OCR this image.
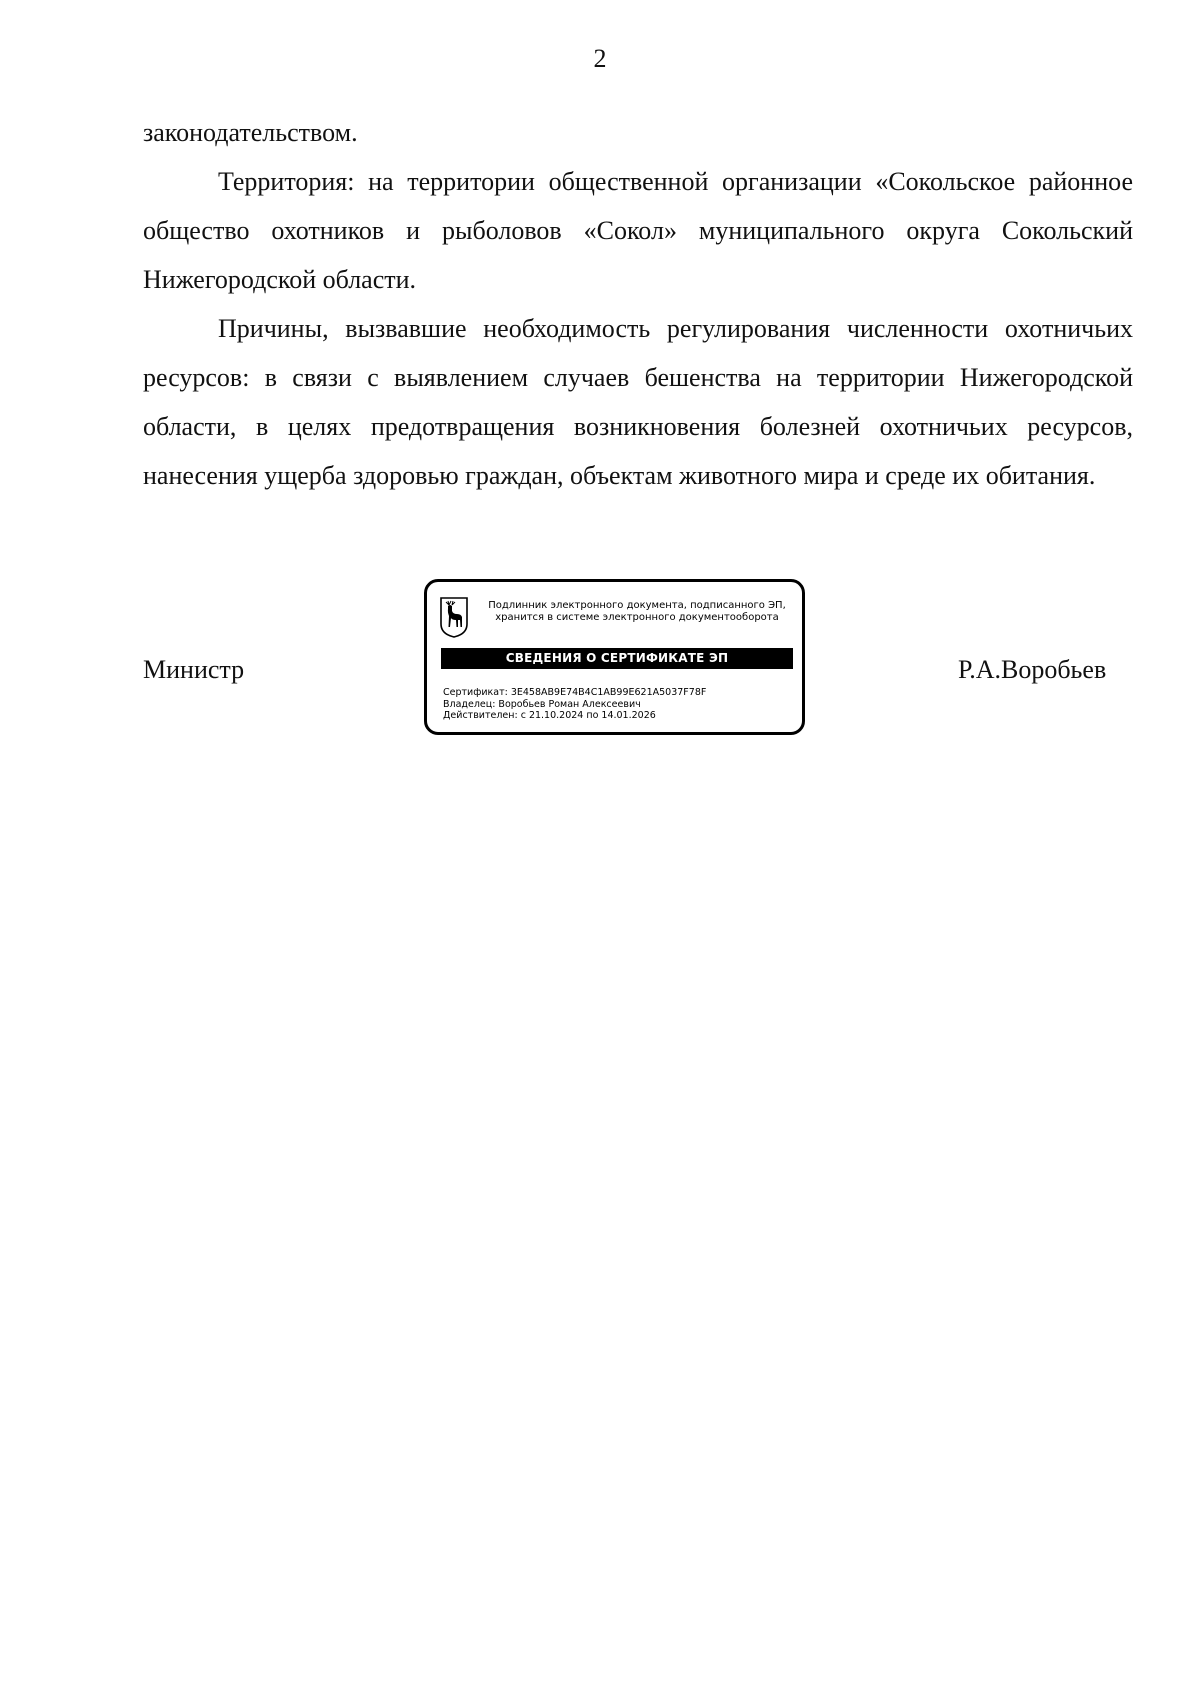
2

законодательством.

Территория: на территории общественной организации «Сокольское районное общество охотников и рыболовов «Сокол» муниципального округа Сокольский Нижегородской области.

Причины, вызвавшие необходимость регулирования численности охотничьих ресурсов: в связи с выявлением случаев бешенства на территории Нижегородской области, в целях предотвращения возникновения болезней охотничьих ресурсов, нанесения ущерба здоровью граждан, объектам животного мира и среде их обитания.

Министр
Подлинник электронного документа, подписанного ЭП,
хранится в системе электронного документооборота
СВЕДЕНИЯ О СЕРТИФИКАТЕ ЭП
Сертификат: 3E458AB9E74B4C1AB99E621A5037F78F
Владелец: Воробьев Роман Алексеевич
Действителен: с 21.10.2024 по 14.01.2026
Р.А.Воробьев
